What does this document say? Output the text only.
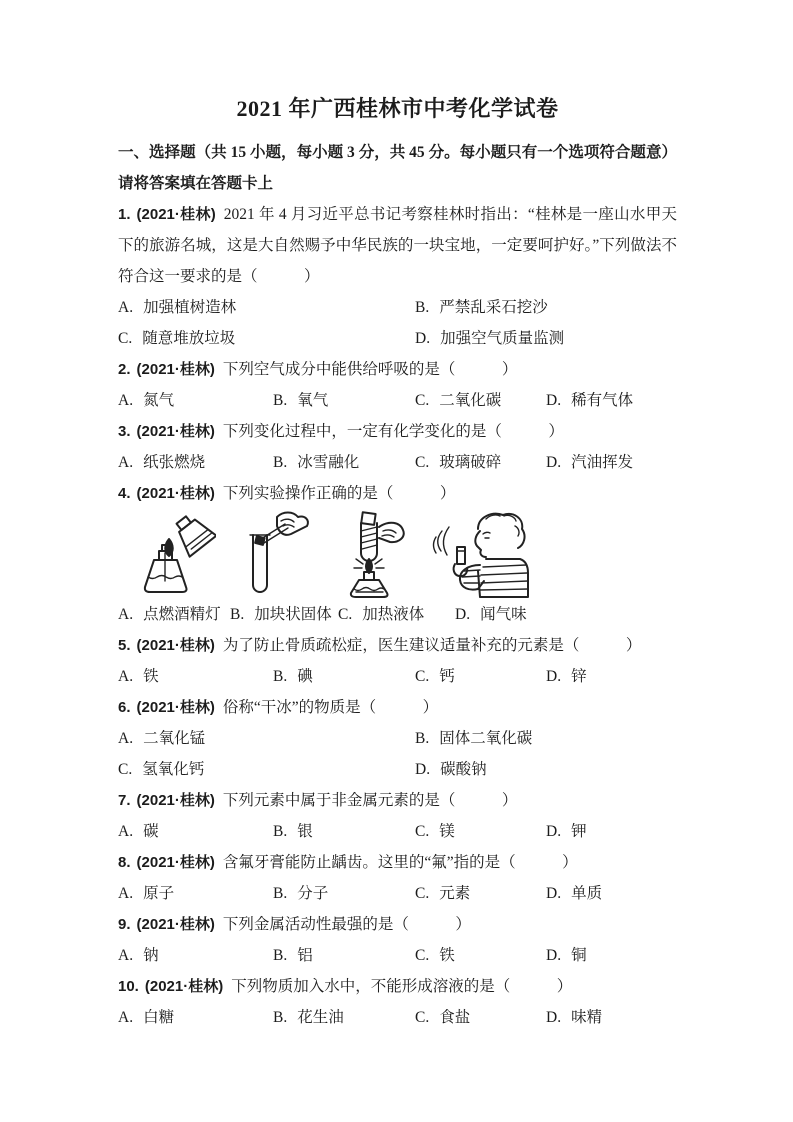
2021 年广西桂林市中考化学试卷

一、选择题（共 15 小题，每小题 3 分，共 45 分。每小题只有一个选项符合题意）请将答案填在答题卡上

1. (2021·桂林) 2021 年 4 月习近平总书记考察桂林时指出：“桂林是一座山水甲天下的旅游名城，这是大自然赐予中华民族的一块宝地，一定要呵护好。”下列做法不符合这一要求的是（　　　）

A. 加强植树造林	B. 严禁乱采石挖沙
C. 随意堆放垃圾	D. 加强空气质量监测

2. (2021·桂林) 下列空气成分中能供给呼吸的是（　　　）

A. 氮气	B. 氧气	C. 二氧化碳	D. 稀有气体

3. (2021·桂林) 下列变化过程中，一定有化学变化的是（　　　）

A. 纸张燃烧	B. 冰雪融化	C. 玻璃破碎	D. 汽油挥发

4. (2021·桂林) 下列实验操作正确的是（　　　）

A. 点燃酒精灯 B. 加块状固体 C. 加热液体	D. 闻气味

5. (2021·桂林) 为了防止骨质疏松症，医生建议适量补充的元素是（　　　）

A. 铁	B. 碘	C. 钙	D. 锌

6. (2021·桂林) 俗称“干冰”的物质是（　　　）

A. 二氧化锰	B. 固体二氧化碳
C. 氢氧化钙	D. 碳酸钠

7. (2021·桂林) 下列元素中属于非金属元素的是（　　　）

A. 碳	B. 银	C. 镁	D. 钾

8. (2021·桂林) 含氟牙膏能防止龋齿。这里的“氟”指的是（　　　）

A. 原子	B. 分子	C. 元素	D. 单质

9. (2021·桂林) 下列金属活动性最强的是（　　　）

A. 钠	B. 铝	C. 铁	D. 铜

10. (2021·桂林) 下列物质加入水中，不能形成溶液的是（　　　）

A. 白糖	B. 花生油	C. 食盐	D. 味精
